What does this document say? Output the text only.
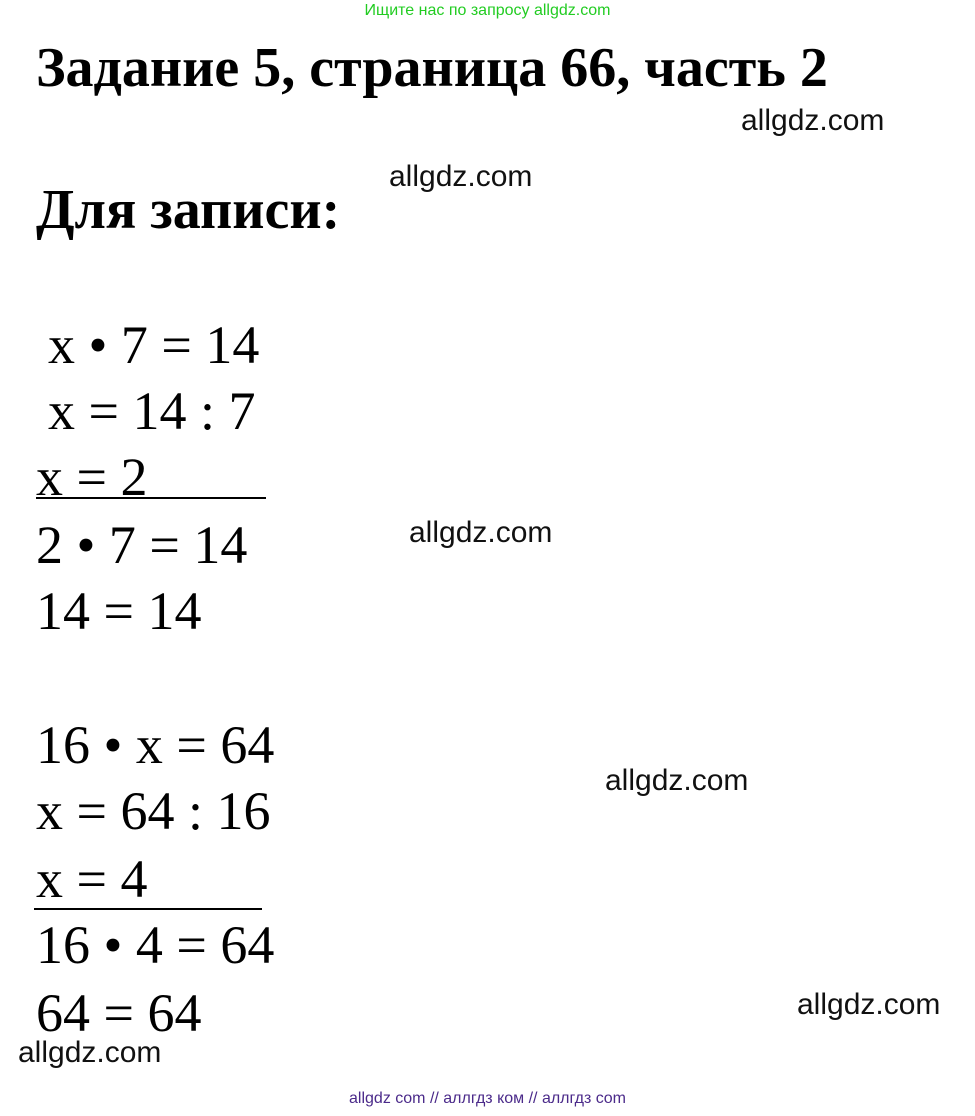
Ищите нас по запросу allgdz.com
Задание 5, страница 66, часть 2
allgdz.com
allgdz.com
Для записи:
x • 7 = 14
x = 14 : 7
x = 2
2 • 7 = 14
14 = 14
allgdz.com
16 • x = 64
x = 64 : 16
x = 4
16 • 4 = 64
64 = 64
allgdz.com
allgdz.com
allgdz.com
allgdz com // аллгдз ком // аллгдз com
